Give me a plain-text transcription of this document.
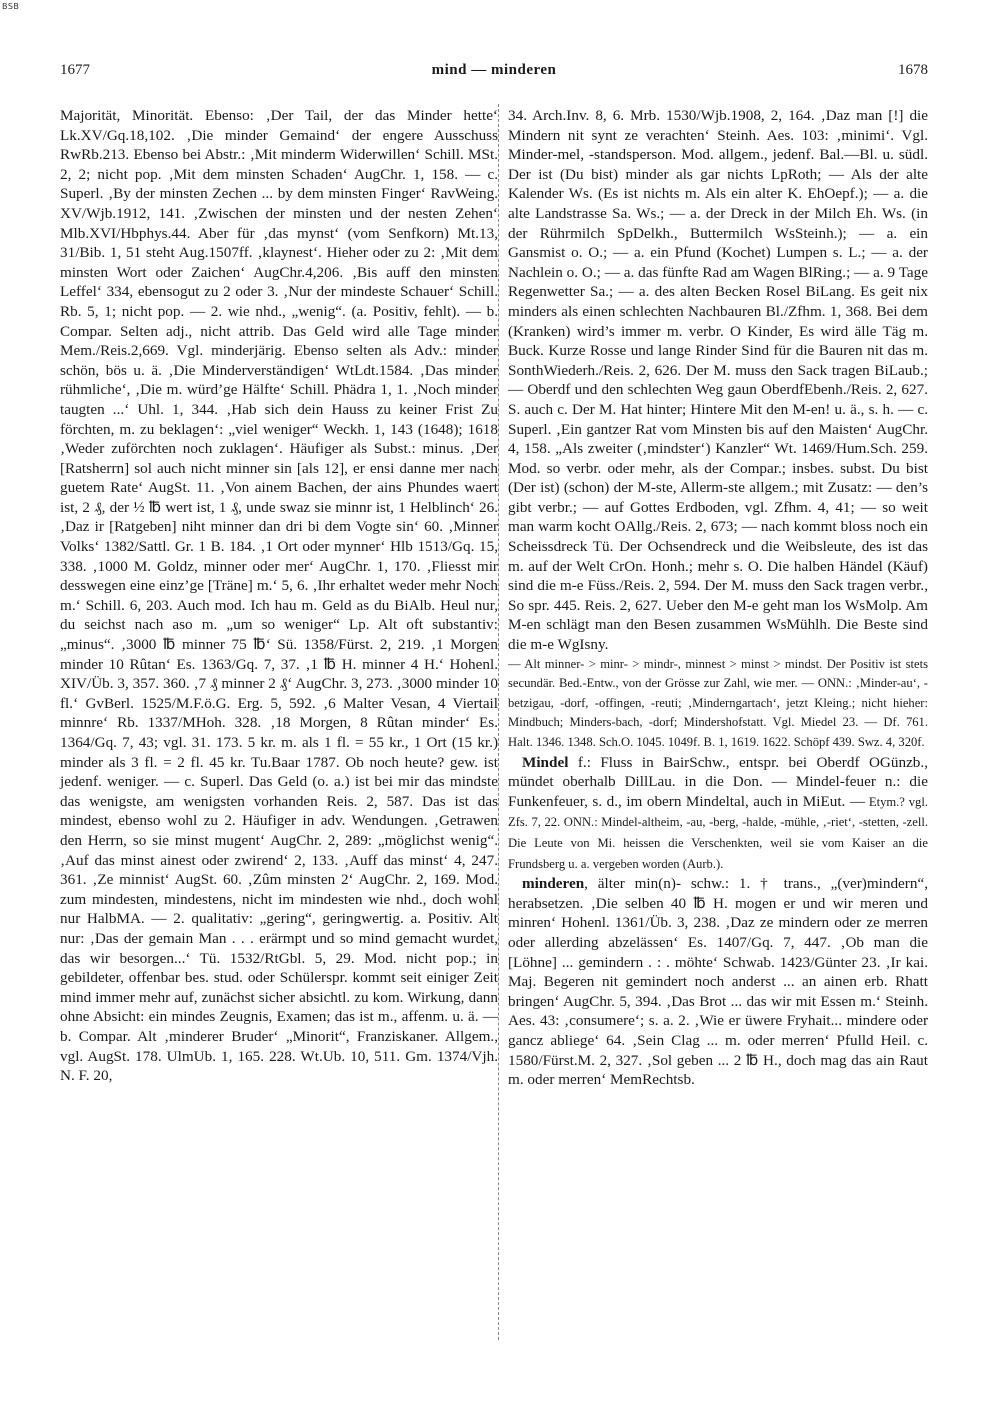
BSB
1677	mind — minderen	1678

Majorität, Minorität. Ebenso: ‚Der Tail, der das Minder hette‘ Lk.XV/Gq.18,102. ‚Die minder Gemaind‘ der engere Ausschuss RwRb.213. Ebenso bei Abstr.: ‚Mit minderm Widerwillen‘ Schill. MSt. 2, 2; nicht pop. ‚Mit dem minsten Schaden‘ AugChr. 1, 158. — c. Superl. ‚By der minsten Zechen ... by dem minsten Finger‘ RavWeing. XV/Wjb.1912, 141. ‚Zwischen der minsten und der nesten Zehen‘ Mlb.XVI/Hbphys.44. Aber für ‚das mynst‘ (vom Senfkorn) Mt.13, 31/Bib. 1, 51 steht Aug.1507ff. ‚klaynest‘. Hieher oder zu 2: ‚Mit dem minsten Wort oder Zaichen‘ AugChr.4,206. ‚Bis auff den minsten Leffel‘ 334, ebensogut zu 2 oder 3. ‚Nur der mindeste Schauer‘ Schill. Rb. 5, 1; nicht pop. — 2. wie nhd., „wenig“. (a. Positiv, fehlt). — b. Compar. Selten adj., nicht attrib. Das Geld wird alle Tage minder Mem./Reis.2,669. Vgl. minderjärig. Ebenso selten als Adv.: minder schön, bös u. ä. ‚Die Minderverständigen‘ WtLdt.1584. ‚Das minder rühmliche‘, ‚Die m. würd’ge Hälfte‘ Schill. Phädra 1, 1. ‚Noch minder taugten ...‘ Uhl. 1, 344. ‚Hab sich dein Hauss zu keiner Frist Zu förchten, m. zu beklagen‘: „viel weniger“ Weckh. 1, 143 (1648); 1618 ‚Weder zuförchten noch zuklagen‘. Häufiger als Subst.: minus. ‚Der [Ratsherrn] sol auch nicht minner sin [als 12], er ensi danne mer nach guetem Rate‘ AugSt. 11. ‚Von ainem Bachen, der ains Phundes waert ist, 2 ₰, der ½ ℔ wert ist, 1 ₰, unde swaz sie minnr ist, 1 Helblinch‘ 26. ‚Daz ir [Ratgeben] niht minner dan dri bi dem Vogte sin‘ 60. ‚Minner Volks‘ 1382/Sattl. Gr. 1 B. 184. ‚1 Ort oder mynner‘ Hlb 1513/Gq. 15, 338. ‚1000 M. Goldz, minner oder mer‘ AugChr. 1, 170. ‚Fliesst mir desswegen eine einz’ge [Träne] m.‘ 5, 6. ‚Ihr erhaltet weder mehr Noch m.‘ Schill. 6, 203. Auch mod. Ich hau m. Geld as du BiAlb. Heul nur, du seichst nach aso m. „um so weniger“ Lp. Alt oft substantiv: „minus“. ‚3000 ℔ minner 75 ℔‘ Sü. 1358/Fürst. 2, 219. ‚1 Morgen minder 10 Rûtan‘ Es. 1363/Gq. 7, 37. ‚1 ℔ H. minner 4 H.‘ Hohenl. XIV/Üb. 3, 357. 360. ‚7 ₰ minner 2 ₰‘ AugChr. 3, 273. ‚3000 minder 10 fl.‘ GvBerl. 1525/M.F.ö.G. Erg. 5, 592. ‚6 Malter Vesan, 4 Viertail minnre‘ Rb. 1337/MHoh. 328. ‚18 Morgen, 8 Rûtan minder‘ Es. 1364/Gq. 7, 43; vgl. 31. 173. 5 kr. m. als 1 fl. = 55 kr., 1 Ort (15 kr.) minder als 3 fl. = 2 fl. 45 kr. Tu.Baar 1787. Ob noch heute? gew. ist jedenf. weniger. — c. Superl. Das Geld (o. a.) ist bei mir das mindste das wenigste, am wenigsten vorhanden Reis. 2, 587. Das ist das mindest, ebenso wohl zu 2. Häufiger in adv. Wendungen. ‚Getrawen den Herrn, so sie minst mugent‘ AugChr. 2, 289: „möglichst wenig“. ‚Auf das minst ainest oder zwirend‘ 2, 133. ‚Auff das minst‘ 4, 247. 361. ‚Ze minnist‘ AugSt. 60. ‚Zûm minsten 2‘ AugChr. 2, 169. Mod. zum mindesten, mindestens, nicht im mindesten wie nhd., doch wohl nur HalbMA. — 2. qualitativ: „gering“, geringwertig. a. Positiv. Alt nur: ‚Das der gemain Man . . . erärmpt und so mind gemacht wurdet, das wir besorgen...‘ Tü. 1532/RtGbl. 5, 29. Mod. nicht pop.; in gebildeter, offenbar bes. stud. oder Schülerspr. kommt seit einiger Zeit mind immer mehr auf, zunächst sicher absichtl. zu kom. Wirkung, dann ohne Absicht: ein mindes Zeugnis, Examen; das ist m., affenm. u. ä. — b. Compar. Alt ‚minderer Bruder‘ „Minorit“, Franziskaner. Allgem., vgl. AugSt. 178. UlmUb. 1, 165. 228. Wt.Ub. 10, 511. Gm. 1374/Vjh. N. F. 20,

34. Arch.Inv. 8, 6. Mrb. 1530/Wjb.1908, 2, 164. ‚Daz man [!] die Mindern nit synt ze verachten‘ Steinh. Aes. 103: ‚minimi‘. Vgl. Minder-mel, -standsperson. Mod. allgem., jedenf. Bal.—Bl. u. südl. Der ist (Du bist) minder als gar nichts LpRoth; — Als der alte Kalender Ws. (Es ist nichts m. Als ein alter K. EhOepf.); — a. die alte Landstrasse Sa. Ws.; — a. der Dreck in der Milch Eh. Ws. (in der Rührmilch SpDelkh., Buttermilch WsSteinh.); — a. ein Gansmist o. O.; — a. ein Pfund (Kochet) Lumpen s. L.; — a. der Nachlein o. O.; — a. das fünfte Rad am Wagen BlRing.; — a. 9 Tage Regenwetter Sa.; — a. des alten Becken Rosel BiLang. Es geit nix minders als einen schlechten Nachbauren Bl./Zfhm. 1, 368. Bei dem (Kranken) wird’s immer m. verbr. O Kinder, Es wird älle Täg m. Buck. Kurze Rosse und lange Rinder Sind für die Bauren nit das m. SonthWiederh./Reis. 2, 626. Der M. muss den Sack tragen BiLaub.; — Oberdf und den schlechten Weg gaun OberdfEbenh./Reis. 2, 627. S. auch c. Der M. Hat hinter; Hintere Mit den M-en! u. ä., s. h. — c. Superl. ‚Ein gantzer Rat vom Minsten bis auf den Maisten‘ AugChr. 4, 158. „Als zweiter (‚mindster‘) Kanzler“ Wt. 1469/Hum.Sch. 259. Mod. so verbr. oder mehr, als der Compar.; insbes. subst. Du bist (Der ist) (schon) der M-ste, Allerm-ste allgem.; mit Zusatz: — den’s gibt verbr.; — auf Gottes Erdboden, vgl. Zfhm. 4, 41; — so weit man warm kocht OAllg./Reis. 2, 673; — nach kommt bloss noch ein Scheissdreck Tü. Der Ochsendreck und die Weibsleute, des ist das m. auf der Welt CrOn. Honh.; mehr s. O. Die halben Händel (Käuf) sind die m-e Füss./Reis. 2, 594. Der M. muss den Sack tragen verbr., So spr. 445. Reis. 2, 627. Ueber den M-e geht man los WsMolp. Am M-en schlägt man den Besen zusammen WsMühlh. Die Beste sind die m-e WgIsny.

— Alt minner- > minr- > mindr-, minnest > minst > mindst. Der Positiv ist stets secundär. Bed.-Entw., von der Grösse zur Zahl, wie mer. — ONN.: ‚Minder-au‘, -betzigau, -dorf, -offingen, -reuti; ‚Minderngartach‘, jetzt Kleing.; nicht hieher: Mindbuch; Minders-bach, -dorf; Mindershofstatt. Vgl. Miedel 23. — Df. 761. Halt. 1346. 1348. Sch.O. 1045. 1049f. B. 1, 1619. 1622. Schöpf 439. Swz. 4, 320f.

Mindel f.: Fluss in BairSchw., entspr. bei Oberdf OGünzb., mündet oberhalb DillLau. in die Don. — Mindel-feuer n.: die Funkenfeuer, s. d., im obern Mindeltal, auch in MiEut. — Etym.? vgl. Zfs. 7, 22. ONN.: Mindel-altheim, -au, -berg, -halde, -mühle, ‚-riet‘, -stetten, -zell. Die Leute von Mi. heissen die Verschenkten, weil sie vom Kaiser an die Frundsberg u. a. vergeben worden (Aurb.).

minderen, älter min(n)- schw.: 1. † trans., „(ver)mindern“, herabsetzen. ‚Die selben 40 ℔ H. mogen er und wir meren und minren‘ Hohenl. 1361/Üb. 3, 238. ‚Daz ze mindern oder ze merren oder allerding abzelässen‘ Es. 1407/Gq. 7, 447. ‚Ob man die [Löhne] ... gemindern . : . möhte‘ Schwab. 1423/Günter 23. ‚Ir kai. Maj. Begeren nit gemindert noch anderst ... an ainen erb. Rhatt bringen‘ AugChr. 5, 394. ‚Das Brot ... das wir mit Essen m.‘ Steinh. Aes. 43: ‚consumere‘; s. a. 2. ‚Wie er üwere Fryhait... mindere oder gancz abliege‘ 64. ‚Sein Clag ... m. oder merren‘ Pfulld Heil. c. 1580/Fürst.M. 2, 327. ‚Sol geben ... 2 ℔ H., doch mag das ain Raut m. oder merren‘ MemRechtsb.
